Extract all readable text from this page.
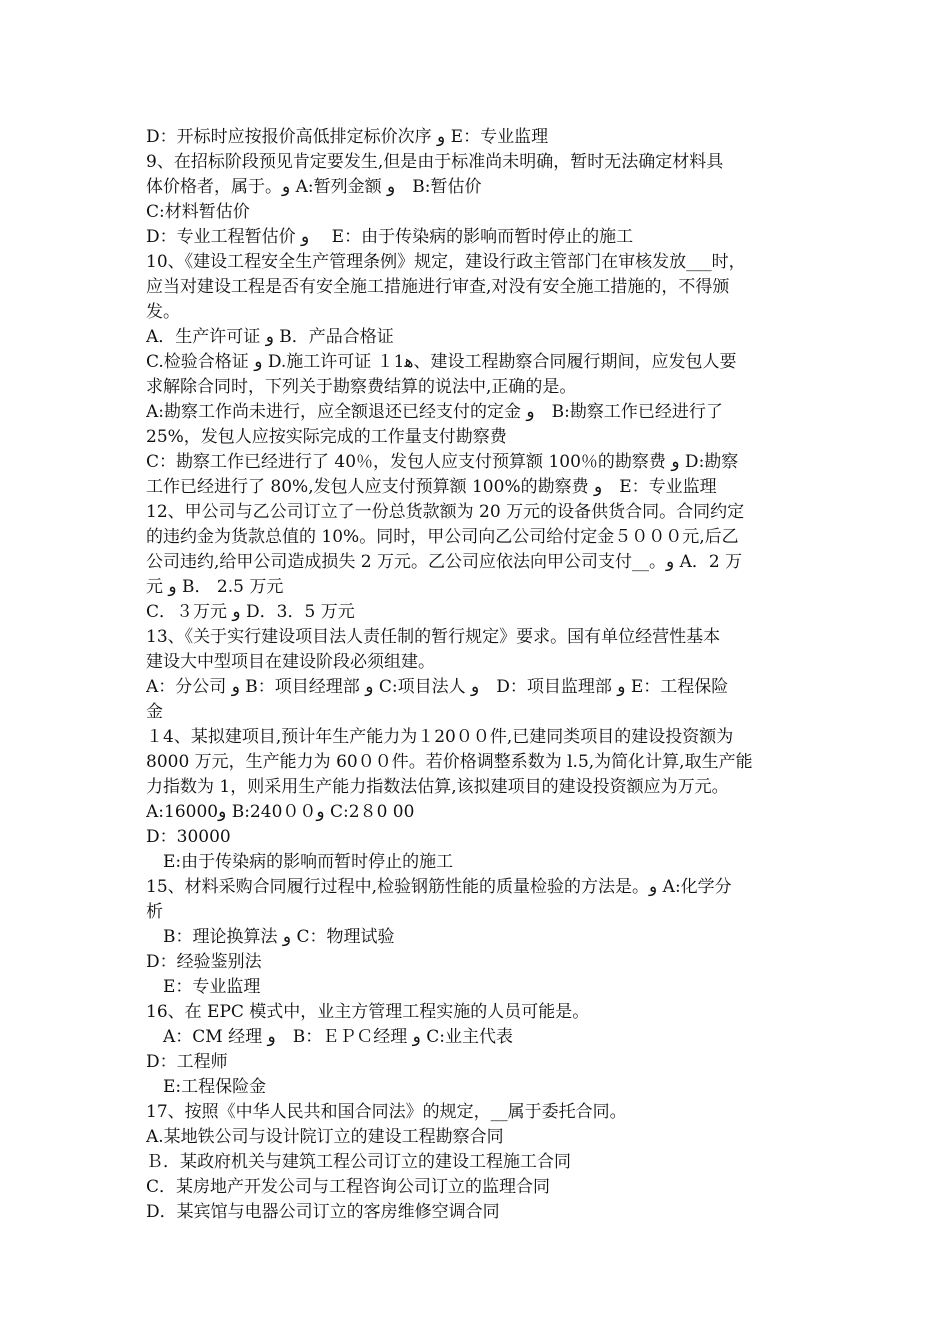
D：开标时应按报价高低排定标价次序‎ و E：专业监理
9、在招标阶段预见肯定要发生,但是由于标准尚未明确，暂时无法确定材料具
体价格者，属于。و A:暂列金额 و　B:暂估价
C:材料暂估价
D：专业工程暂估价 و　 E：由于传染病的影响而暂时停止的施工
10、《建设工程安全生产管理条例》规定，建设行政主管部门在审核发放___时，
应当对建设工程是否有安全施工措施进行审查,对没有安全施工措施的，不得颁
发。
A．生产许可证 و B．产品合格证
C.检验合格证 و D.施工许可证 １1ﻫ、建设工程勘察合同履行期间，应发包人要
求解除合同时，下列关于勘察费结算的说法中,正确的是。
A:勘察工作尚未进行，应全额退还已经支付的定金 و　B:勘察工作已经进行了
25%，发包人应按实际完成的工作量支付勘察费
C：勘察工作已经进行了 40％，发包人应支付预算额 100％的勘察费 و D:勘察
工作已经进行了 80%,发包人应支付预算额 100%的勘察费 و　E：专业监理
12、甲公司与乙公司订立了一份总货款额为 20 万元的设备供货合同。合同约定
的违约金为货款总值的 10%。同时，甲公司向乙公司给付定金５０００元,后乙
公司违约,给甲公司造成损失 2 万元。乙公司应依法向甲公司支付__。و A．2 万
元 و B． 2.5 万元
C．３万元 و D．3．5 万元
13、《关于实行建设项目法人责任制的暂行规定》要求。国有单位经营性基本
建设大中型项目在建设阶段必须组建。
A：分公司 و B：项目经理部 و C:项目法人 و　D：项目监理部 و E：工程保险
金
１4、某拟建项目,预计年生产能力为１20００件,已建同类项目的建设投资额为
8000 万元，生产能力为 60００件。若价格调整系数为 l.5,为简化计算,取生产能
力指数为 1，则采用生产能力指数法估算,该拟建项目的建设投资额应为万元。
A:16000و B:240００و C:2８0 00
D：30000
　E:由于传染病的影响而暂时停止的施工
15、材料采购合同履行过程中,检验钢筋性能的质量检验的方法是。و A:化学分
析
　B：理论换算法 و C：物理试验
D：经验鉴别法
　E：专业监理
16、在 EPC 模式中，业主方管理工程实施的人员可能是。
　A：CM 经理 و　B：ＥＰＣ经理 و C:业主代表
D：工程师
　E:工程保险金
17、按照《中华人民共和国合同法》的规定，__属于委托合同。
A.某地铁公司与设计院订立的建设工程勘察合同
Ｂ．某政府机关与建筑工程公司订立的建设工程施工合同
C．某房地产开发公司与工程咨询公司订立的监理合同
D．某宾馆与电器公司订立的客房维修空调合同
